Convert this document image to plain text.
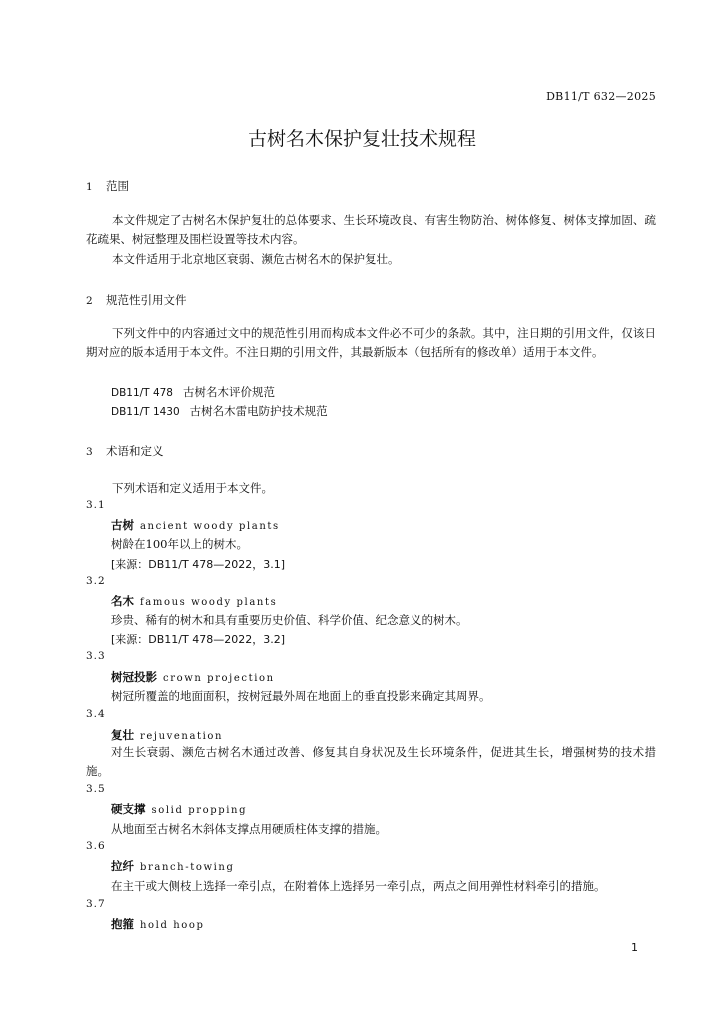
DB11/T 632—2025
古树名木保护复壮技术规程
1 范围
本文件规定了古树名木保护复壮的总体要求、生长环境改良、有害生物防治、树体修复、树体支撑加固、疏花疏果、树冠整理及围栏设置等技术内容。
本文件适用于北京地区衰弱、濒危古树名木的保护复壮。
2 规范性引用文件
下列文件中的内容通过文中的规范性引用而构成本文件必不可少的条款。其中，注日期的引用文件，仅该日期对应的版本适用于本文件。不注日期的引用文件，其最新版本（包括所有的修改单）适用于本文件。
DB11/T 478 古树名木评价规范
DB11/T 1430 古树名木雷电防护技术规范
3 术语和定义
下列术语和定义适用于本文件。
3.1
古树 ancient woody plants
树龄在100年以上的树木。
[来源：DB11/T 478—2022，3.1]
3.2
名木 famous woody plants
珍贵、稀有的树木和具有重要历史价值、科学价值、纪念意义的树木。
[来源：DB11/T 478—2022，3.2]
3.3
树冠投影 crown projection
树冠所覆盖的地面面积，按树冠最外周在地面上的垂直投影来确定其周界。
3.4
复壮 rejuvenation
对生长衰弱、濒危古树名木通过改善、修复其自身状况及生长环境条件，促进其生长，增强树势的技术措施。
3.5
硬支撑 solid propping
从地面至古树名木斜体支撑点用硬质柱体支撑的措施。
3.6
拉纤 branch-towing
在主干或大侧枝上选择一牵引点，在附着体上选择另一牵引点，两点之间用弹性材料牵引的措施。
3.7
抱箍 hold hoop
1
